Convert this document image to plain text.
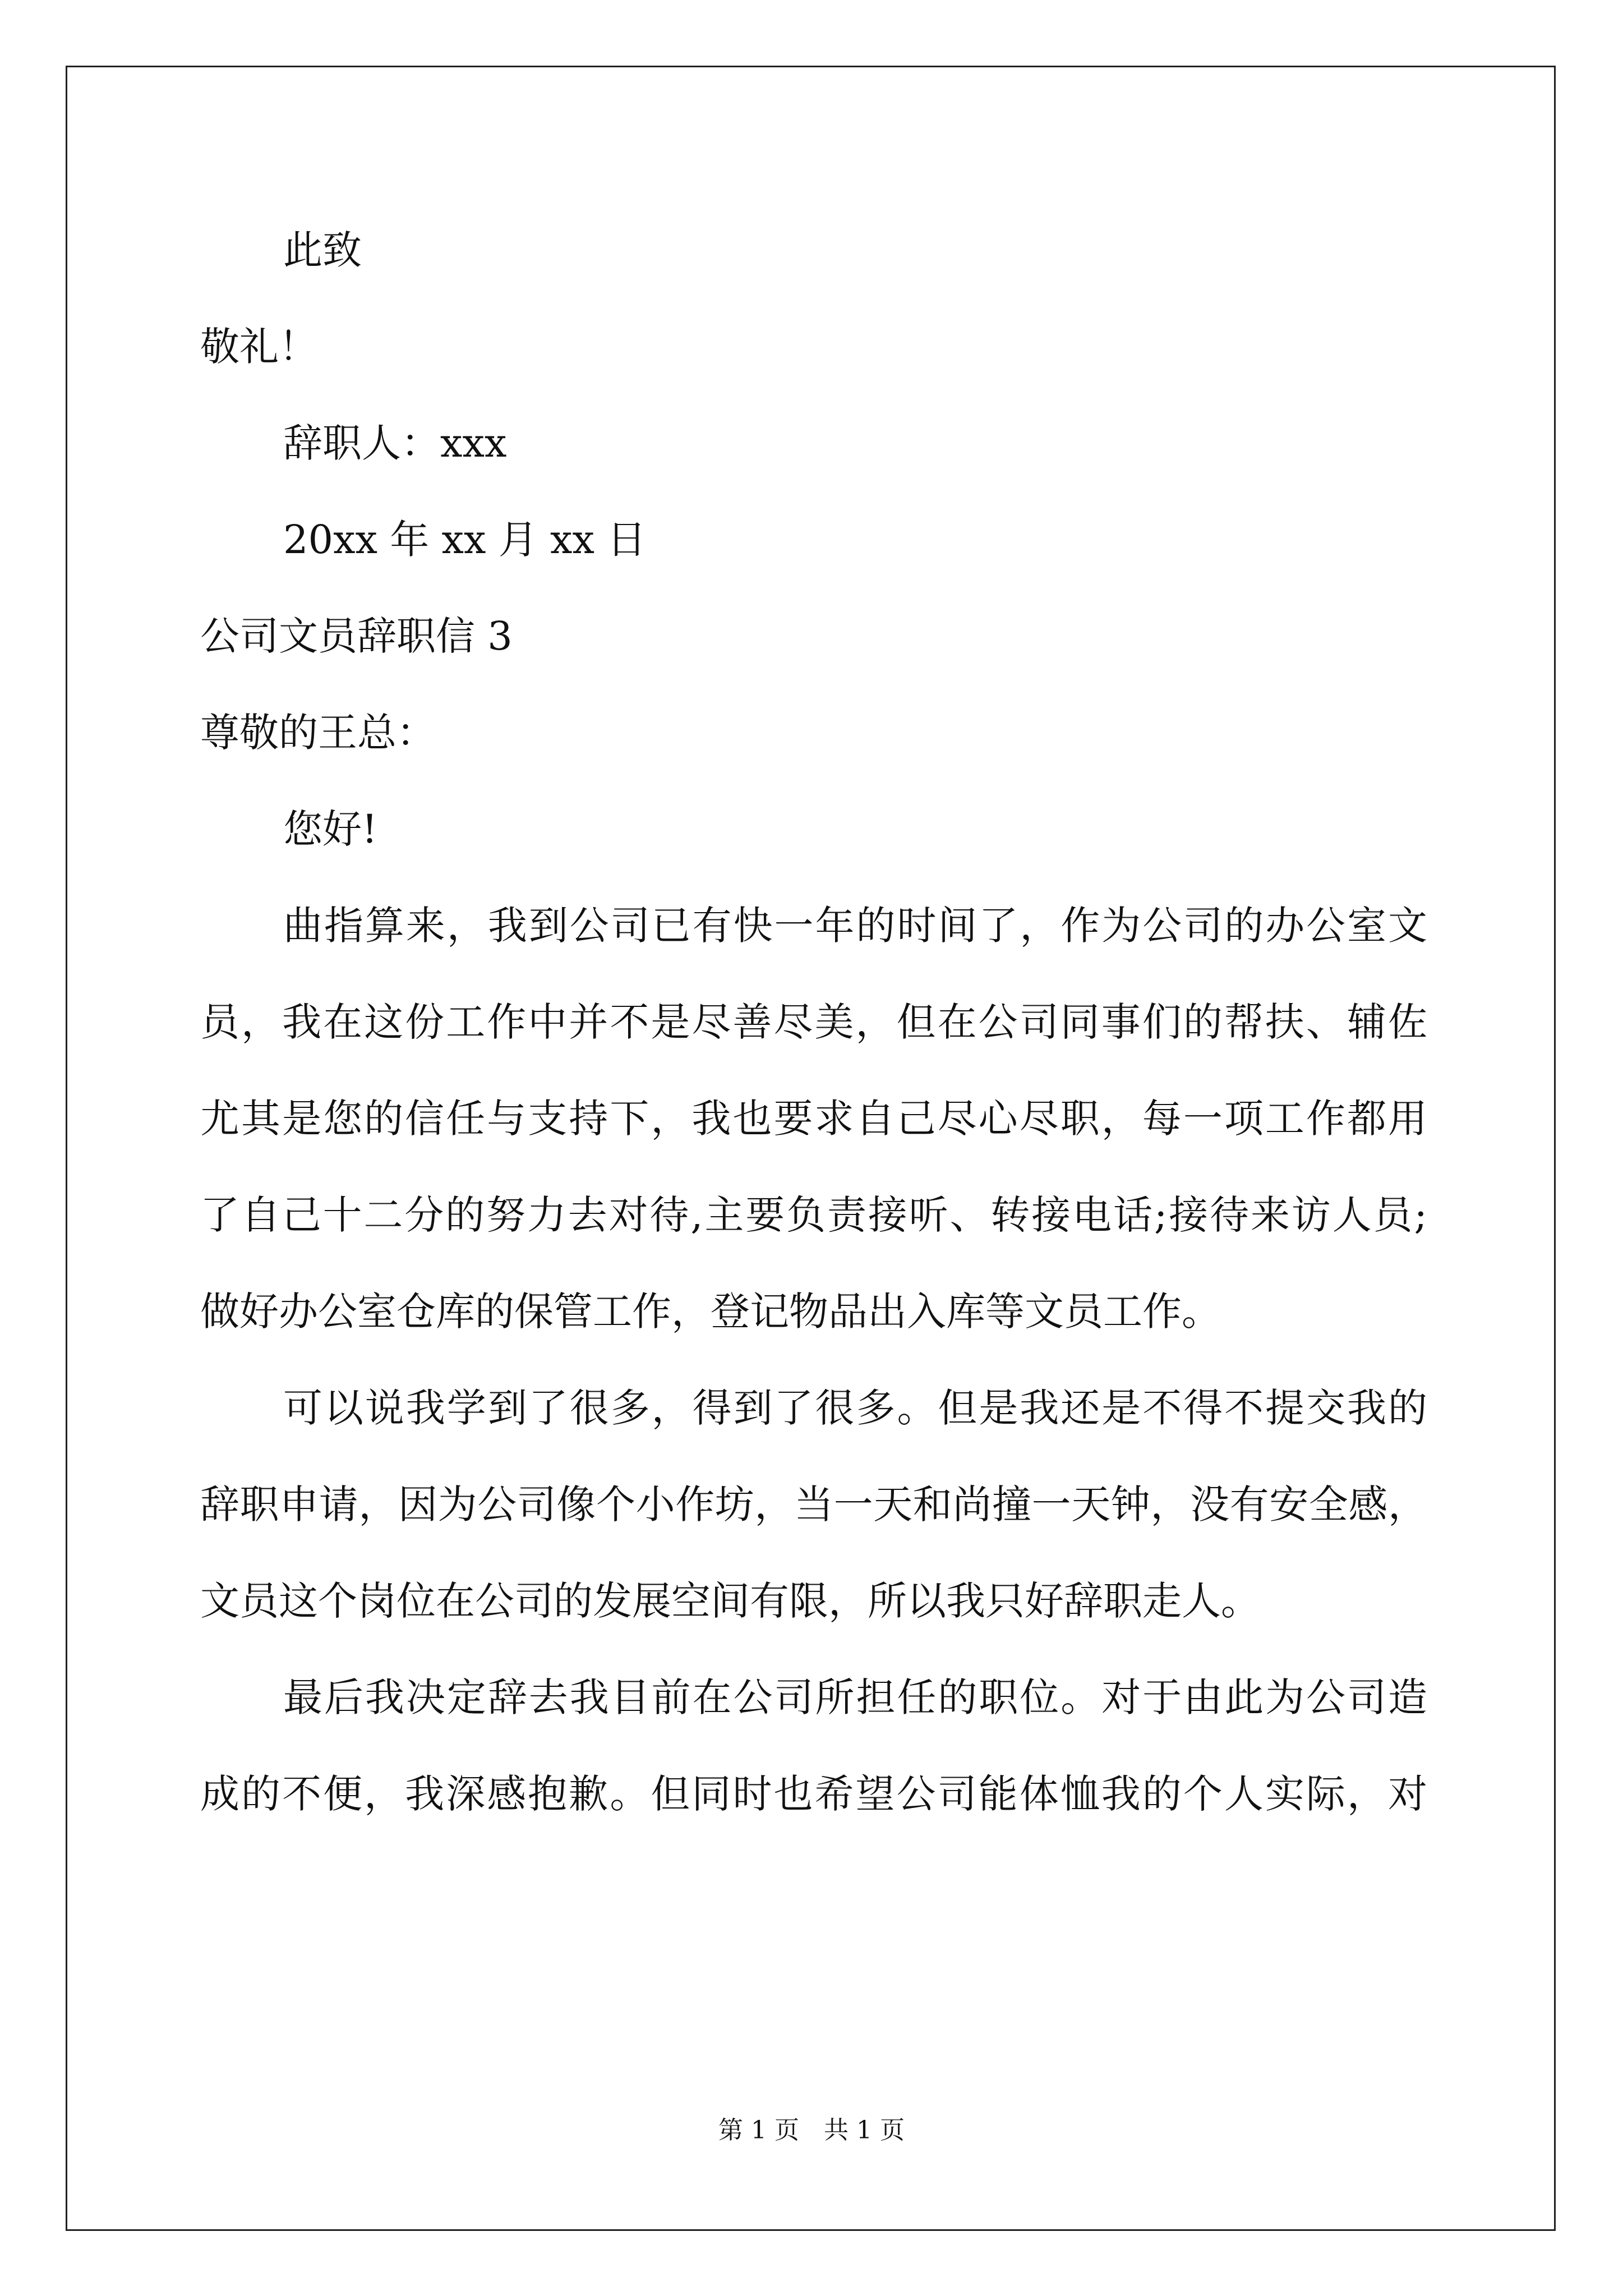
此致
敬礼！
辞职人：xxx
20xx 年 xx 月 xx 日
公司文员辞职信 3
尊敬的王总：
您好!
曲指算来，我到公司已有快一年的时间了，作为公司的办公室文
员，我在这份工作中并不是尽善尽美，但在公司同事们的帮扶、辅佐
尤其是您的信任与支持下，我也要求自己尽心尽职，每一项工作都用
了自己十二分的努力去对待,主要负责接听、转接电话;接待来访人员;
做好办公室仓库的保管工作，登记物品出入库等文员工作。
可以说我学到了很多，得到了很多。但是我还是不得不提交我的
辞职申请，因为公司像个小作坊，当一天和尚撞一天钟，没有安全感，
文员这个岗位在公司的发展空间有限，所以我只好辞职走人。
最后我决定辞去我目前在公司所担任的职位。对于由此为公司造
成的不便，我深感抱歉。但同时也希望公司能体恤我的个人实际，对
第 1 页　共 1 页
